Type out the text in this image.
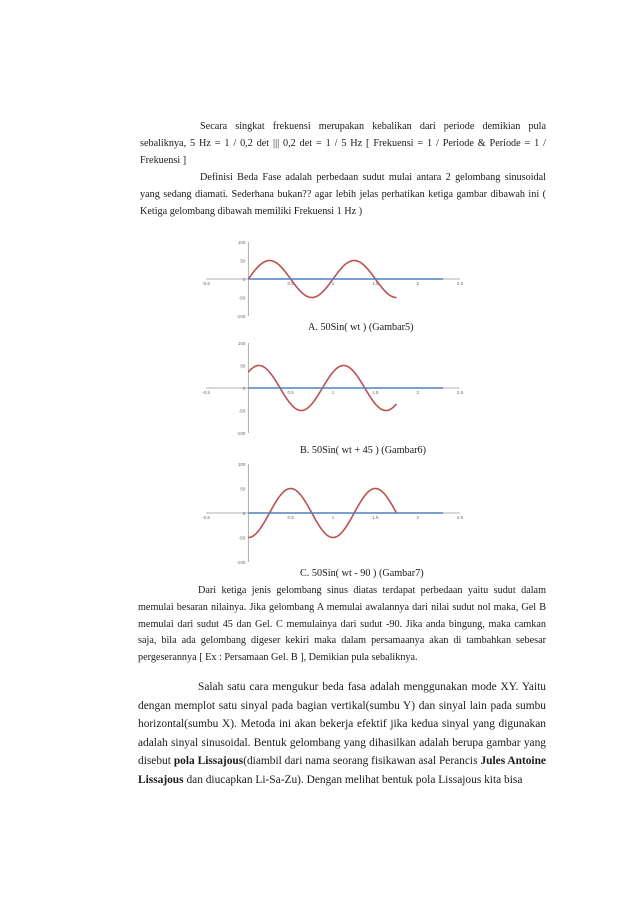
Secara singkat frekuensi merupakan kebalikan dari periode demikian pula sebaliknya, 5 Hz = 1 / 0,2 det ||| 0,2 det = 1 / 5 Hz [ Frekuensi = 1 / Periode & Periode = 1 / Frekuensi ]

Definisi Beda Fase adalah perbedaan sudut mulai antara 2 gelombang sinusoidal yang sedang diamati. Sederhana bukan?? agar lebih jelas perhatikan ketiga gambar dibawah ini ( Ketiga gelombang dibawah memiliki Frekuensi 1 Hz )

100
50
0
-50
-100
-0.5	0.5	1	1.5	2	2.5
A. 50Sin( wt ) (Gambar5)
100
50
0
-50
-100
-0.5	0.5	1	1.5	2	2.5
B. 50Sin( wt + 45 ) (Gambar6)
100
50
0
-50
-100
-0.5	0.5	1	1.5	2	2.5
C. 50Sin( wt - 90 ) (Gambar7)

Dari ketiga jenis gelombang sinus diatas terdapat perbedaan yaitu sudut dalam memulai besaran nilainya. Jika gelombang A memulai awalannya dari nilai sudut nol maka, Gel B memulai dari sudut 45 dan Gel. C memulainya dari sudut -90. Jika anda bingung, maka camkan saja, bila ada gelombang digeser kekiri maka dalam persamaanya akan di tambahkan sebesar pergeserannya [ Ex : Persamaan Gel. B ], Demikian pula sebaliknya.

Salah satu cara mengukur beda fasa adalah menggunakan mode XY. Yaitu dengan memplot satu sinyal pada bagian vertikal(sumbu Y) dan sinyal lain pada sumbu horizontal(sumbu X). Metoda ini akan bekerja efektif jika kedua sinyal yang digunakan adalah sinyal sinusoidal. Bentuk gelombang yang dihasilkan adalah berupa gambar yang disebut pola Lissajous(diambil dari nama seorang fisikawan asal Perancis Jules Antoine Lissajous dan diucapkan Li-Sa-Zu). Dengan melihat bentuk pola Lissajous kita bisa
